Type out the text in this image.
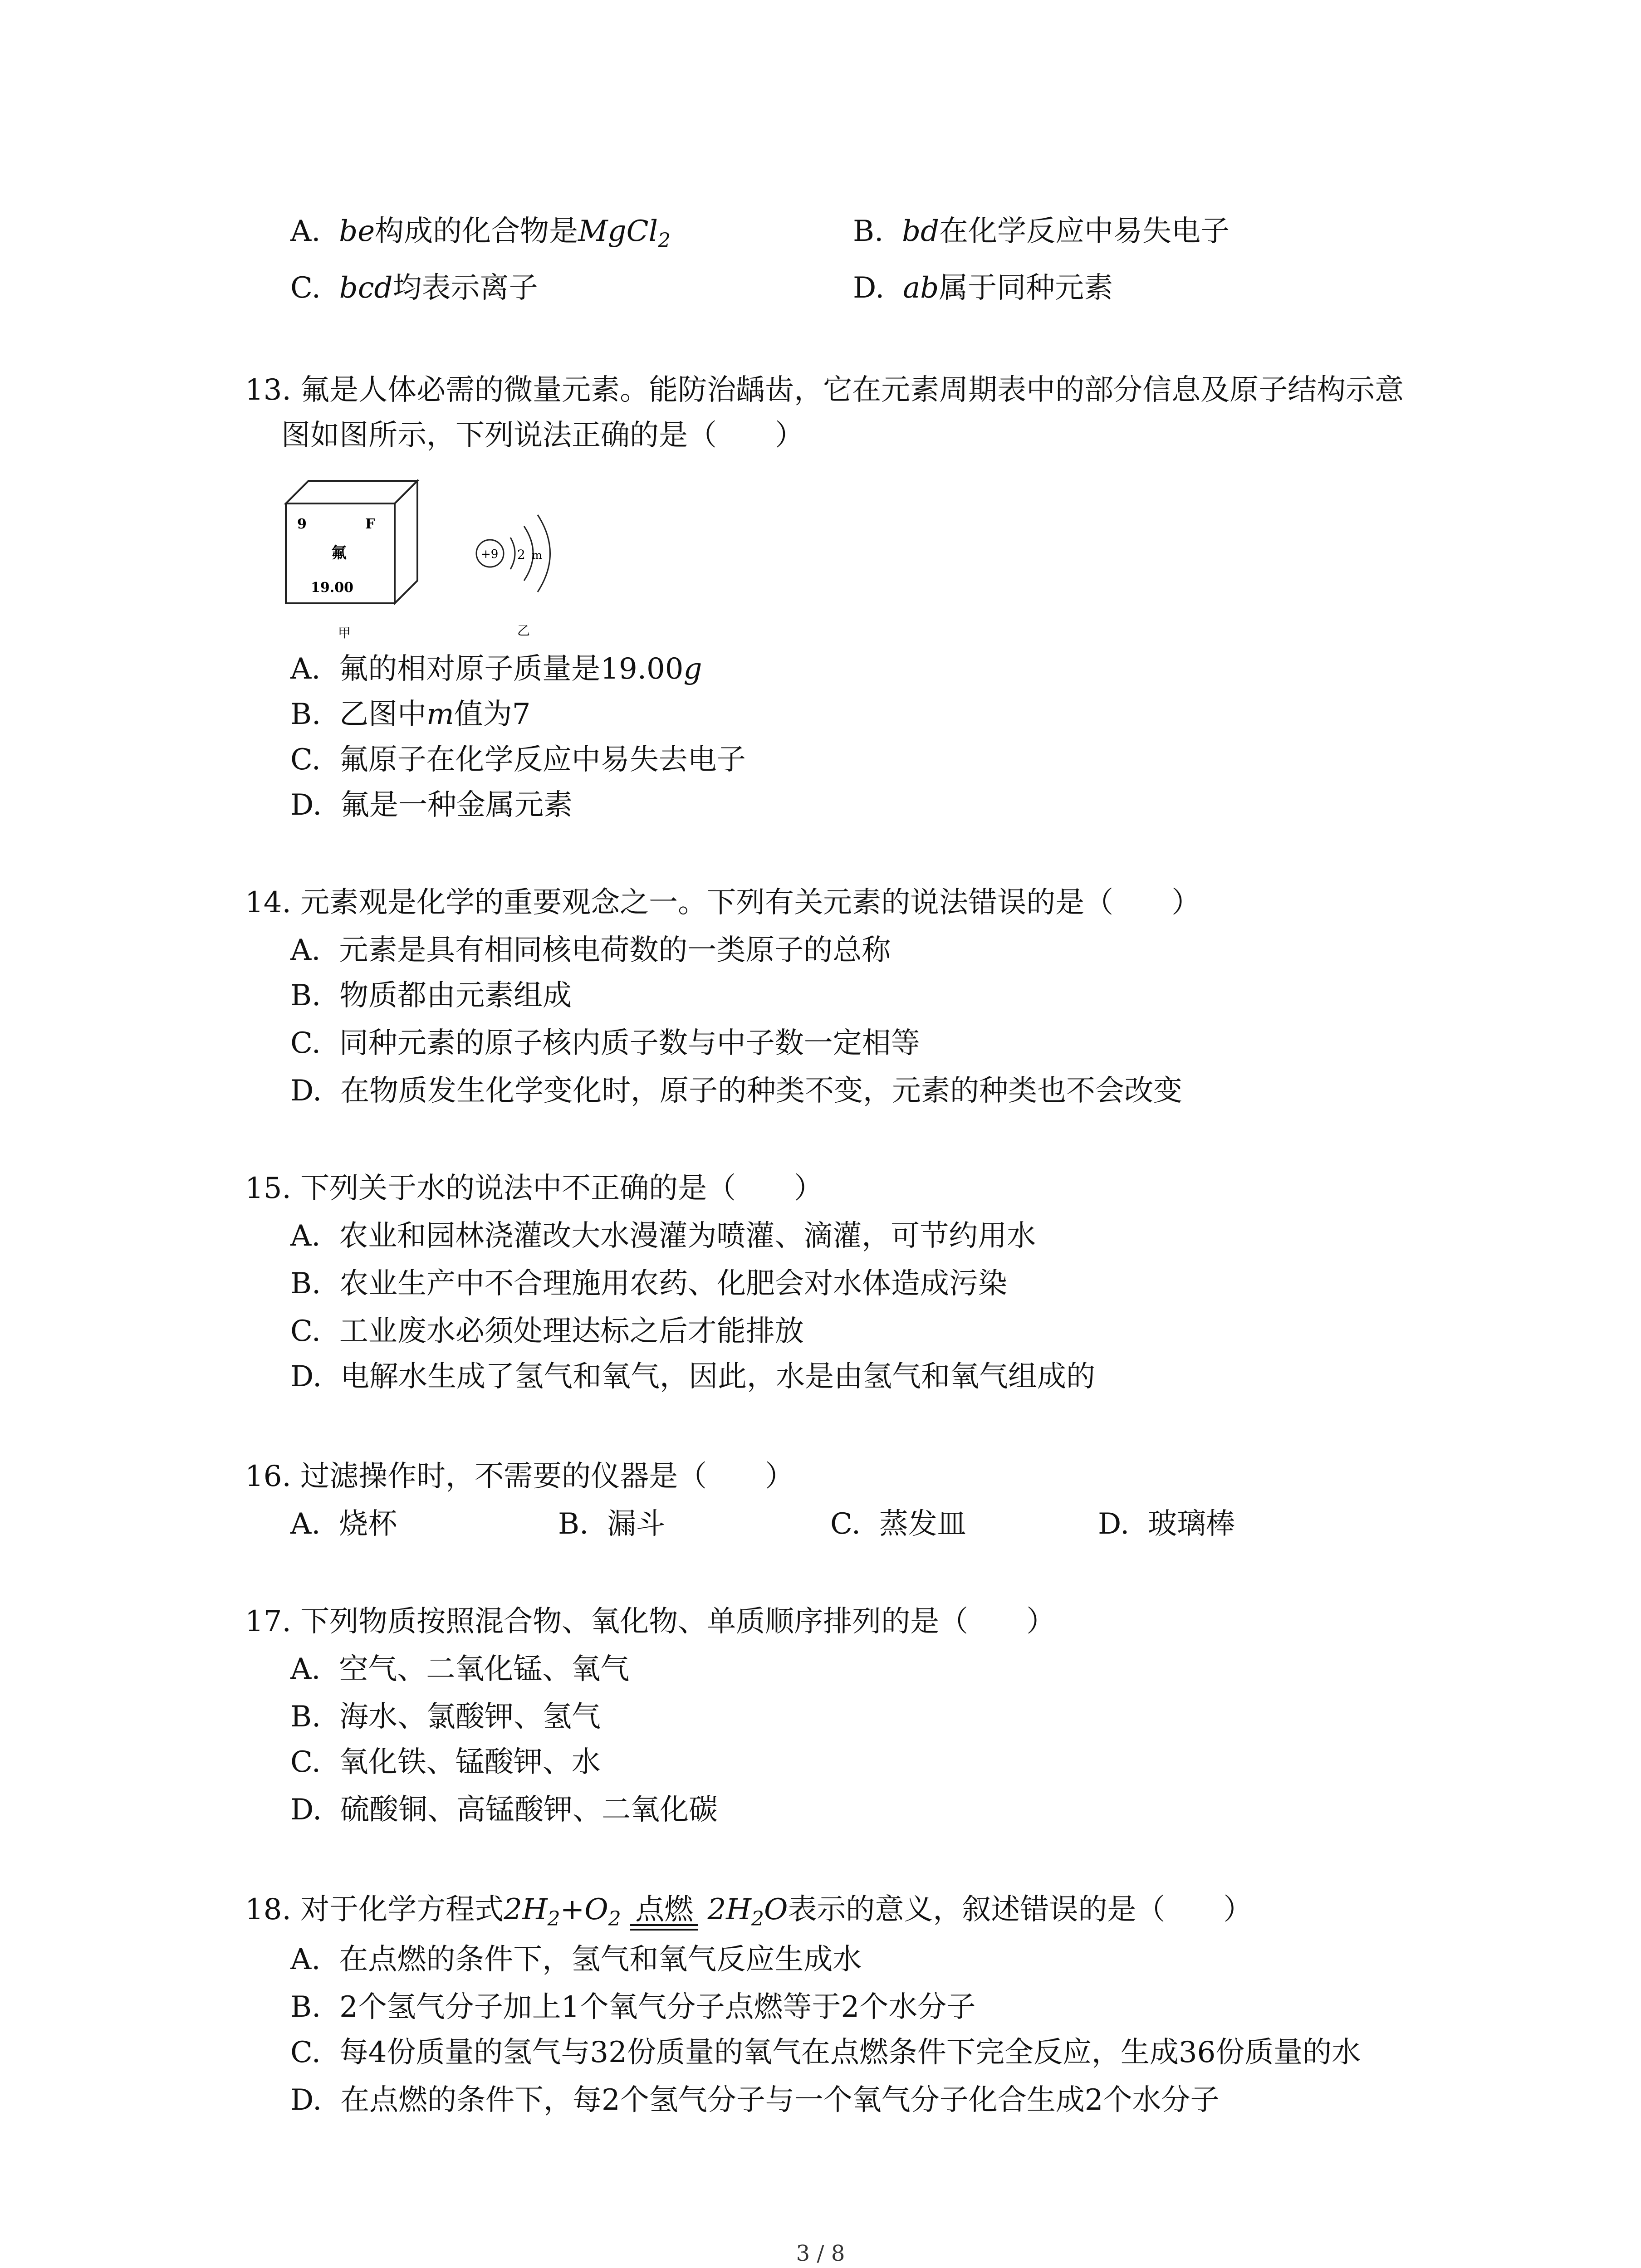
A. be构成的化合物是MgCl$_2$	B. bd在化学反应中易失电子
C. bcd均表示离子	D. ab属于同种元素
13. 氟是人体必需的微量元素。能防治龋齿，它在元素周期表中的部分信息及原子结构示意
图如图所示，下列说法正确的是（　　）
9	F
氟
19.00
甲
+9 2 m
乙
A. 氟的相对原子质量是19.00g
B. 乙图中m值为7
C. 氟原子在化学反应中易失去电子
D. 氟是一种金属元素
14. 元素观是化学的重要观念之一。下列有关元素的说法错误的是（　　）
A. 元素是具有相同核电荷数的一类原子的总称
B. 物质都由元素组成
C. 同种元素的原子核内质子数与中子数一定相等
D. 在物质发生化学变化时，原子的种类不变，元素的种类也不会改变
15. 下列关于水的说法中不正确的是（　　）
A. 农业和园林浇灌改大水漫灌为喷灌、滴灌，可节约用水
B. 农业生产中不合理施用农药、化肥会对水体造成污染
C. 工业废水必须处理达标之后才能排放
D. 电解水生成了氢气和氧气，因此，水是由氢气和氧气组成的
16. 过滤操作时，不需要的仪器是（　　）
A. 烧杯	B. 漏斗	C. 蒸发皿	D. 玻璃棒
17. 下列物质按照混合物、氧化物、单质顺序排列的是（　　）
A. 空气、二氧化锰、氧气
B. 海水、氯酸钾、氢气
C. 氧化铁、锰酸钾、水
D. 硫酸铜、高锰酸钾、二氧化碳
18. 对于化学方程式$2H_2+O_2$ 点燃 $2H_2O$表示的意义，叙述错误的是（　　）
A. 在点燃的条件下，氢气和氧气反应生成水
B. 2个氢气分子加上1个氧气分子点燃等于2个水分子
C. 每4份质量的氢气与32份质量的氧气在点燃条件下完全反应，生成36份质量的水
D. 在点燃的条件下，每2个氢气分子与一个氧气分子化合生成2个水分子
3 / 8
